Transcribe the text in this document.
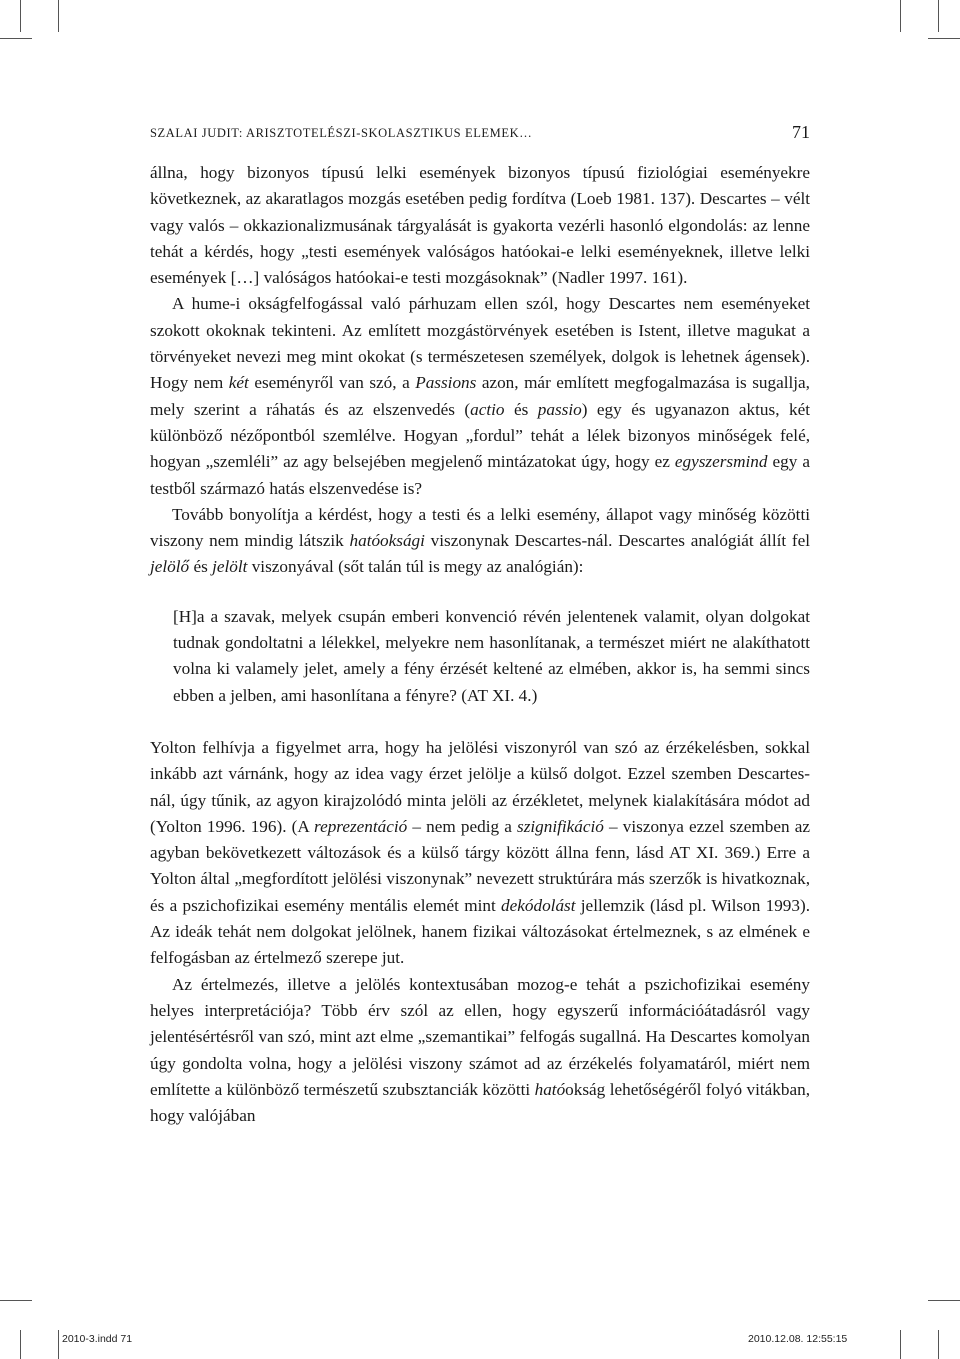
SZALAI JUDIT: ARISZTOTELÉSZI-SKOLASZTIKUS ELEMEK…	71

állna, hogy bizonyos típusú lelki események bizonyos típusú fiziológiai eseményekre következnek, az akaratlagos mozgás esetében pedig fordítva (Loeb 1981. 137). Descartes – vélt vagy valós – okkazionalizmusának tárgyalását is gyakorta vezérli hasonló elgondolás: az lenne tehát a kérdés, hogy „testi események valóságos hatóokai-e lelki eseményeknek, illetve lelki események […] valóságos hatóokai-e testi mozgásoknak” (Nadler 1997. 161).

A hume-i okságfelfogással való párhuzam ellen szól, hogy Descartes nem eseményeket szokott okoknak tekinteni. Az említett mozgástörvények esetében is Istent, illetve magukat a törvényeket nevezi meg mint okokat (s természetesen személyek, dolgok is lehetnek ágensek). Hogy nem két eseményről van szó, a Passions azon, már említett megfogalmazása is sugallja, mely szerint a ráhatás és az elszenvedés (actio és passio) egy és ugyanazon aktus, két különböző nézőpontból szemlélve. Hogyan „fordul” tehát a lélek bizonyos minőségek felé, hogyan „szemléli” az agy belsejében megjelenő mintázatokat úgy, hogy ez egyszersmind egy a testből származó hatás elszenvedése is?

Tovább bonyolítja a kérdést, hogy a testi és a lelki esemény, állapot vagy minőség közötti viszony nem mindig látszik hatóoksági viszonynak Descartes-nál. Descartes analógiát állít fel jelölő és jelölt viszonyával (sőt talán túl is megy az analógián):

[H]a a szavak, melyek csupán emberi konvenció révén jelentenek valamit, olyan dolgokat tudnak gondoltatni a lélekkel, melyekre nem hasonlítanak, a természet miért ne alakíthatott volna ki valamely jelet, amely a fény érzését keltené az elmében, akkor is, ha semmi sincs ebben a jelben, ami hasonlítana a fényre? (AT XI. 4.)

Yolton felhívja a figyelmet arra, hogy ha jelölési viszonyról van szó az érzékelésben, sokkal inkább azt várnánk, hogy az idea vagy érzet jelölje a külső dolgot. Ezzel szemben Descartes-nál, úgy tűnik, az agyon kirajzolódó minta jelöli az érzékletet, melynek kialakítására módot ad (Yolton 1996. 196). (A reprezentáció – nem pedig a szignifikáció – viszonya ezzel szemben az agyban bekövetkezett változások és a külső tárgy között állna fenn, lásd AT XI. 369.) Erre a Yolton által „megfordított jelölési viszonynak” nevezett struktúrára más szerzők is hivatkoznak, és a pszichofizikai esemény mentális elemét mint dekódolást jellemzik (lásd pl. Wilson 1993). Az ideák tehát nem dolgokat jelölnek, hanem fizikai változásokat értelmeznek, s az elmének e felfogásban az értelmező szerepe jut.

Az értelmezés, illetve a jelölés kontextusában mozog-e tehát a pszichofizikai esemény helyes interpretációja? Több érv szól az ellen, hogy egyszerű információátadásról vagy jelentésértésről van szó, mint azt elme „szemantikai” felfogás sugallná. Ha Descartes komolyan úgy gondolta volna, hogy a jelölési viszony számot ad az érzékelés folyamatáról, miért nem említette a különböző természetű szubsztanciák közötti hatóokság lehetőségéről folyó vitákban, hogy valójában

2010-3.indd 71	2010.12.08. 12:55:15
